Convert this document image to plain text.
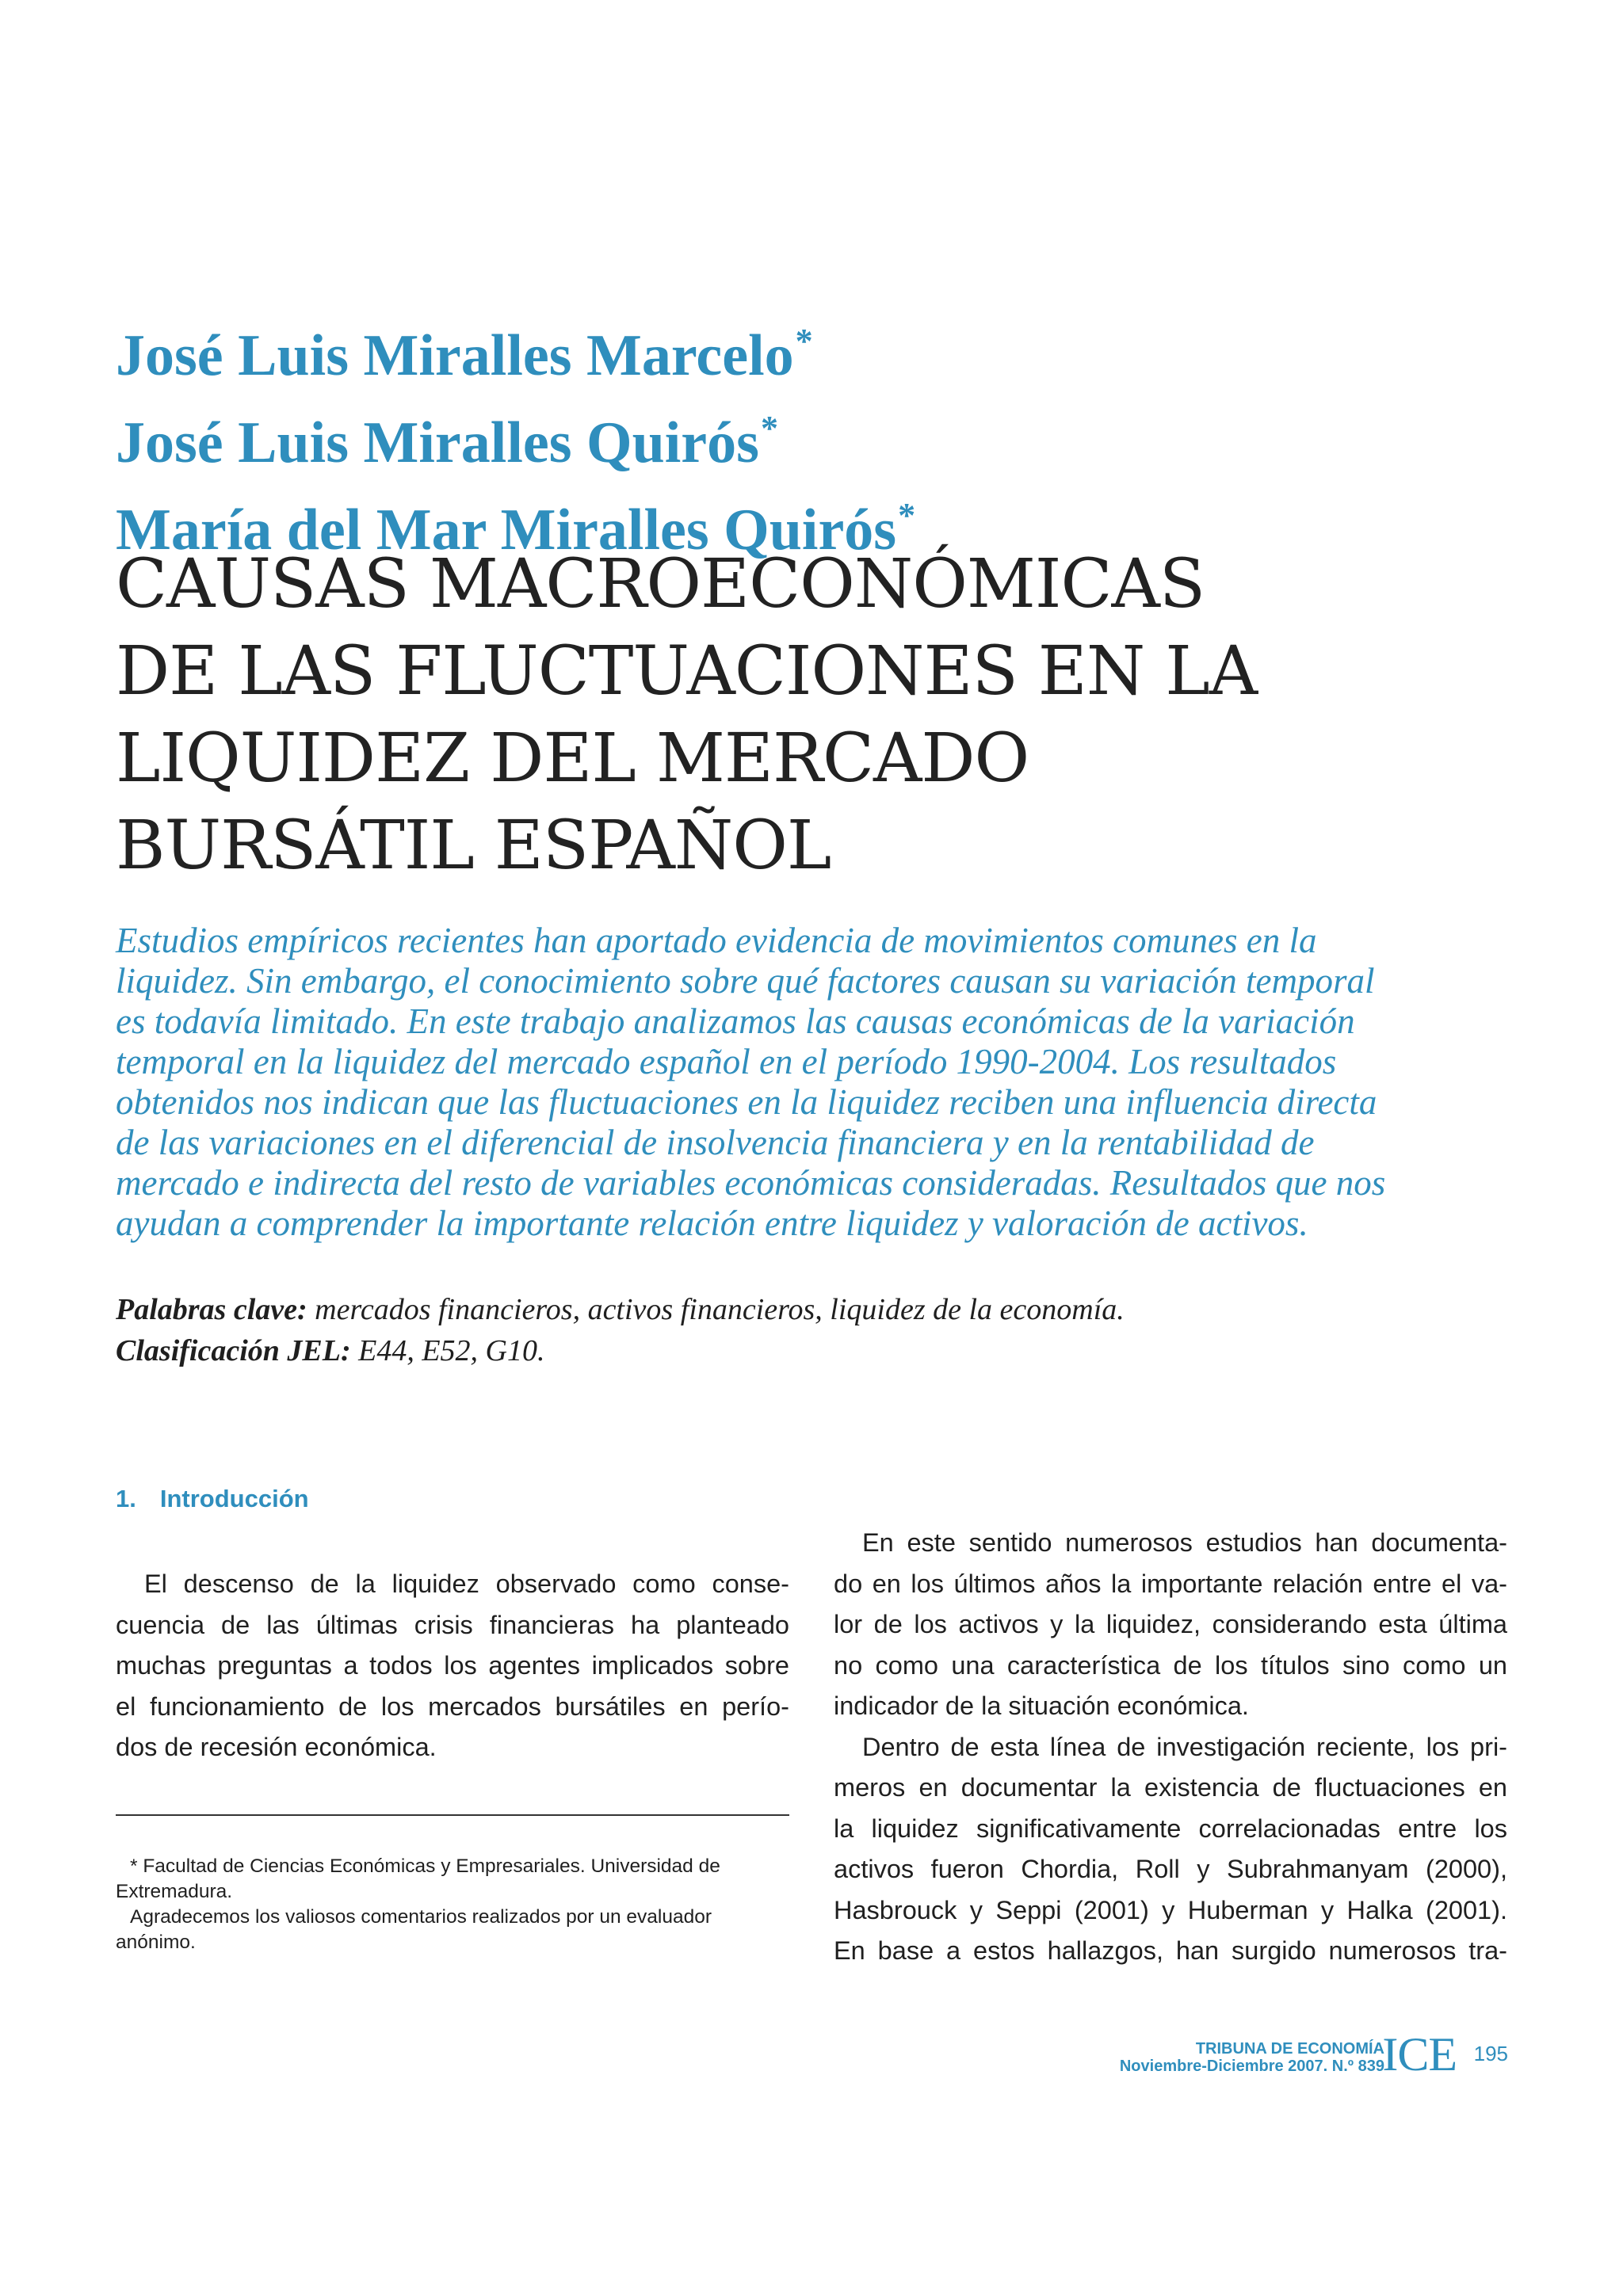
José Luis Miralles Marcelo*
José Luis Miralles Quirós*
María del Mar Miralles Quirós*
CAUSAS MACROECONÓMICAS
DE LAS FLUCTUACIONES EN LA
LIQUIDEZ DEL MERCADO
BURSÁTIL ESPAÑOL
Estudios empíricos recientes han aportado evidencia de movimientos comunes en la
liquidez. Sin embargo, el conocimiento sobre qué factores causan su variación temporal
es todavía limitado. En este trabajo analizamos las causas económicas de la variación
temporal en la liquidez del mercado español en el período 1990-2004. Los resultados
obtenidos nos indican que las fluctuaciones en la liquidez reciben una influencia directa
de las variaciones en el diferencial de insolvencia financiera y en la rentabilidad de
mercado e indirecta del resto de variables económicas consideradas. Resultados que nos
ayudan a comprender la importante relación entre liquidez y valoración de activos.
Palabras clave: mercados financieros, activos financieros, liquidez de la economía.
Clasificación JEL: E44, E52, G10.
1. Introducción
El descenso de la liquidez observado como conse-
cuencia de las últimas crisis financieras ha planteado
muchas preguntas a todos los agentes implicados sobre
el funcionamiento de los mercados bursátiles en perío-
dos de recesión económica.
* Facultad de Ciencias Económicas y Empresariales. Universidad de
Extremadura.
Agradecemos los valiosos comentarios realizados por un evaluador
anónimo.
En este sentido numerosos estudios han documenta-
do en los últimos años la importante relación entre el va-
lor de los activos y la liquidez, considerando esta última
no como una característica de los títulos sino como un
indicador de la situación económica.
Dentro de esta línea de investigación reciente, los pri-
meros en documentar la existencia de fluctuaciones en
la liquidez significativamente correlacionadas entre los
activos fueron Chordia, Roll y Subrahmanyam (2000),
Hasbrouck y Seppi (2001) y Huberman y Halka (2001).
En base a estos hallazgos, han surgido numerosos tra-
TRIBUNA DE ECONOMÍA
Noviembre-Diciembre 2007. N.º 839
ICE 195
